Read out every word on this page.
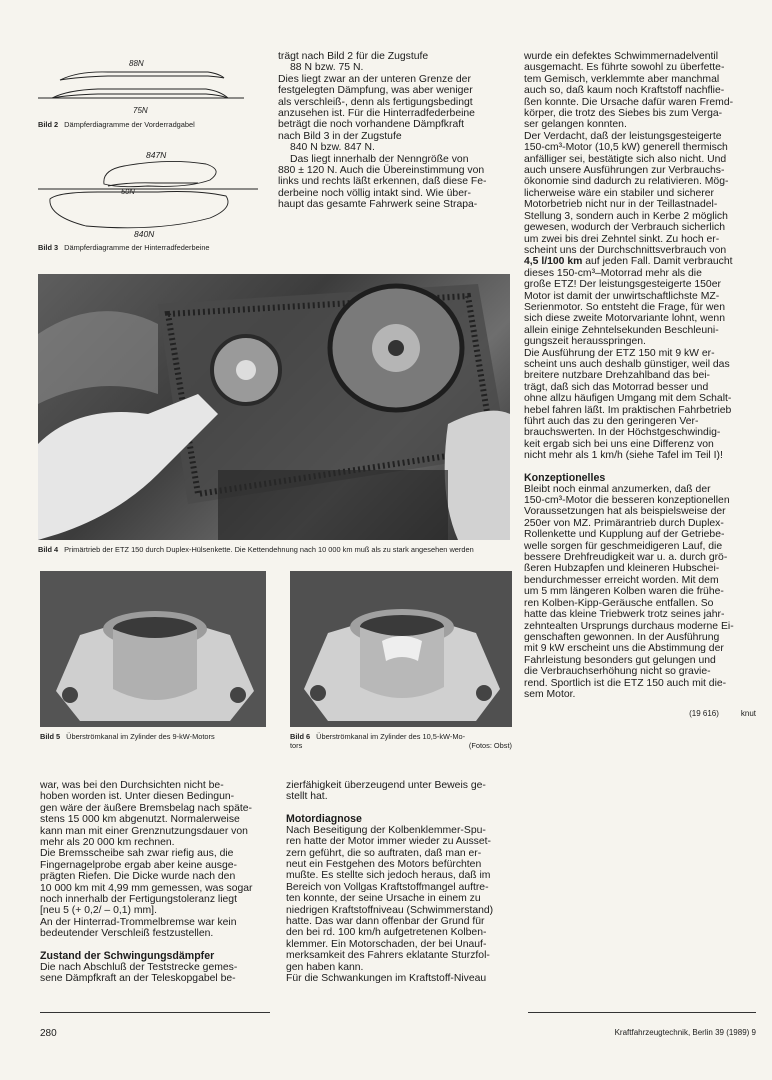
88N
75N
Bild 2 Dämpferdiagramme der Vorderradgabel
847N
50N
840N
Bild 3 Dämpferdiagramme der Hinterradfederbeine

trägt nach Bild 2 für die Zugstufe

88 N bzw. 75 N.

Dies liegt zwar an der unteren Grenze der

festgelegten Dämpfung, was aber weniger

als verschleiß-, denn als fertigungsbedingt

anzusehen ist. Für die Hinterradfederbeine

beträgt die noch vorhandene Dämpfkraft

nach Bild 3 in der Zugstufe

840 N bzw. 847 N.

Das liegt innerhalb der Nenngröße von

880 ± 120 N. Auch die Übereinstimmung von

links und rechts läßt erkennen, daß diese Fe-

derbeine noch völlig intakt sind. Wie über-

haupt das gesamte Fahrwerk seine Strapa-

Bild 4 Primärtrieb der ETZ 150 durch Duplex-Hülsenkette. Die Kettendehnung nach 10 000 km muß als zu stark angesehen werden
Bild 5 Überströmkanal im Zylinder des 9-kW-Motors	Bild 6 Überströmkanal im Zylinder des 10,5-kW-Mo-
tors	(Fotos: Obst)

wurde ein defektes Schwimmernadelventil

ausgemacht. Es führte sowohl zu überfette-

tem Gemisch, verklemmte aber manchmal

auch so, daß kaum noch Kraftstoff nachflie-

ßen konnte. Die Ursache dafür waren Fremd-

körper, die trotz des Siebes bis zum Verga-

ser gelangen konnten.

Der Verdacht, daß der leistungsgesteigerte

150-cm³-Motor (10,5 kW) generell thermisch

anfälliger sei, bestätigte sich also nicht. Und

auch unsere Ausführungen zur Verbrauchs-

ökonomie sind dadurch zu relativieren. Mög-

licherweise wäre ein stabiler und sicherer

Motorbetrieb nicht nur in der Teillastnadel-

Stellung 3, sondern auch in Kerbe 2 möglich

gewesen, wodurch der Verbrauch sicherlich

um zwei bis drei Zehntel sinkt. Zu hoch er-

scheint uns der Durchschnittsverbrauch von

4,5 l/100 km auf jeden Fall. Damit verbraucht

dieses 150-cm³–Motorrad mehr als die

große ETZ! Der leistungsgesteigerte 150er

Motor ist damit der unwirtschaftlichste MZ-

Serienmotor. So entsteht die Frage, für wen

sich diese zweite Motorvariante lohnt, wenn

allein einige Zehntelsekunden Beschleuni-

gungszeit herausspringen.

Die Ausführung der ETZ 150 mit 9 kW er-

scheint uns auch deshalb günstiger, weil das

breitere nutzbare Drehzahlband das bei-

trägt, daß sich das Motorrad besser und

ohne allzu häufigen Umgang mit dem Schalt-

hebel fahren läßt. Im praktischen Fahrbetrieb

führt auch das zu den geringeren Ver-

brauchswerten. In der Höchstgeschwindig-

keit ergab sich bei uns eine Differenz von

nicht mehr als 1 km/h (siehe Tafel im Teil I)!

Konzeptionelles

Bleibt noch einmal anzumerken, daß der

150-cm³-Motor die besseren konzeptionellen

Voraussetzungen hat als beispielsweise der

250er von MZ. Primärantrieb durch Duplex-

Rollenkette und Kupplung auf der Getriebe-

welle sorgen für geschmeidigeren Lauf, die

bessere Drehfreudigkeit war u. a. durch grö-

ßeren Hubzapfen und kleineren Hubschei-

bendurchmesser erreicht worden. Mit dem

um 5 mm längeren Kolben waren die frühe-

ren Kolben-Kipp-Geräusche entfallen. So

hatte das kleine Triebwerk trotz seines jahr-

zehntealten Ursprungs durchaus moderne Ei-

genschaften gewonnen. In der Ausführung

mit 9 kW erscheint uns die Abstimmung der

Fahrleistung besonders gut gelungen und

die Verbrauchserhöhung nicht so gravie-

rend. Sportlich ist die ETZ 150 auch mit die-

sem Motor.

(19 616)	knut

war, was bei den Durchsichten nicht be-

hoben worden ist. Unter diesen Bedingun-

gen wäre der äußere Bremsbelag nach späte-

stens 15 000 km abgenutzt. Normalerweise

kann man mit einer Grenznutzungsdauer von

mehr als 20 000 km rechnen.

Die Bremsscheibe sah zwar riefig aus, die

Fingernagelprobe ergab aber keine ausge-

prägten Riefen. Die Dicke wurde nach den

10 000 km mit 4,99 mm gemessen, was sogar

noch innerhalb der Fertigungstoleranz liegt

[neu 5 (+ 0,2/ – 0,1) mm].

An der Hinterrad-Trommelbremse war kein

bedeutender Verschleiß festzustellen.

Zustand der Schwingungsdämpfer

Die nach Abschluß der Teststrecke gemes-

sene Dämpfkraft an der Teleskopgabel be-

zierfähigkeit überzeugend unter Beweis ge-

stellt hat.

Motordiagnose

Nach Beseitigung der Kolbenklemmer-Spu-

ren hatte der Motor immer wieder zu Ausset-

zern geführt, die so auftraten, daß man er-

neut ein Festgehen des Motors befürchten

mußte. Es stellte sich jedoch heraus, daß im

Bereich von Vollgas Kraftstoffmangel auftre-

ten konnte, der seine Ursache in einem zu

niedrigen Kraftstoffniveau (Schwimmerstand)

hatte. Das war dann offenbar der Grund für

den bei rd. 100 km/h aufgetretenen Kolben-

klemmer. Ein Motorschaden, der bei Unauf-

merksamkeit des Fahrers eklatante Sturzfol-

gen haben kann.

Für die Schwankungen im Kraftstoff-Niveau

280	Kraftfahrzeugtechnik, Berlin 39 (1989) 9
